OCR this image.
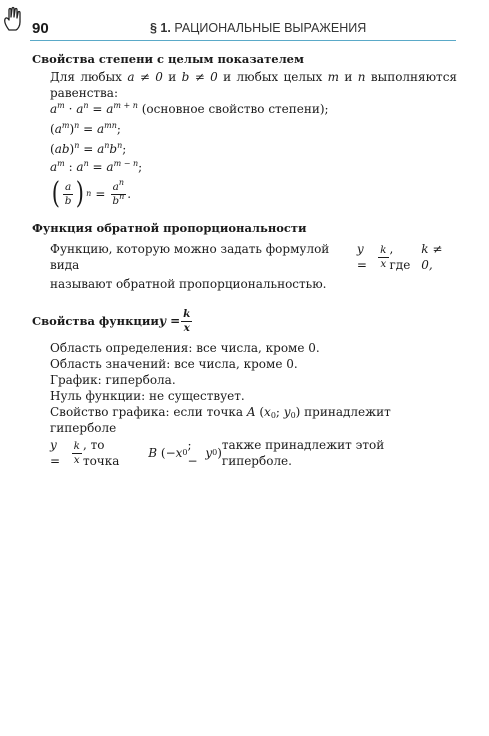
90	§ 1. РАЦИОНАЛЬНЫЕ ВЫРАЖЕНИЯ
Свойства степени с целым показателем

Для любых a ≠ 0 и b ≠ 0 и любых целых m и n выполняются равенства:

$a^m \cdot a^n = a^{m + n}$ (основное свойство степени);
$(a^m)^n = a^{mn}$;
$(ab)^n = a^nb^n$;
$a^m$ : $a^n = a^{m - n}$;
( $\frac{a}{b}$ ) $n = \frac{a^n}{b^n}$ .
Функция обратной пропорциональности
Функцию, которую можно задать формулой вида
y =	$\frac{k}{x}$ , где

k ≠ 0,

называют обратной пропорциональностью.

Свойства функции $y = \frac{k}{x}$

Область определения: все числа, кроме 0.

Область значений: все числа, кроме 0.

График: гипербола.

Нуль функции: не существует.

Свойство графика: если точка A ($x_0$; $y_0$) принадлежит гиперболе

y =	$\frac{k}{x}$ , то точка

B (− x 0
; −
y 0 )
также принадлежит этой гиперболе.
